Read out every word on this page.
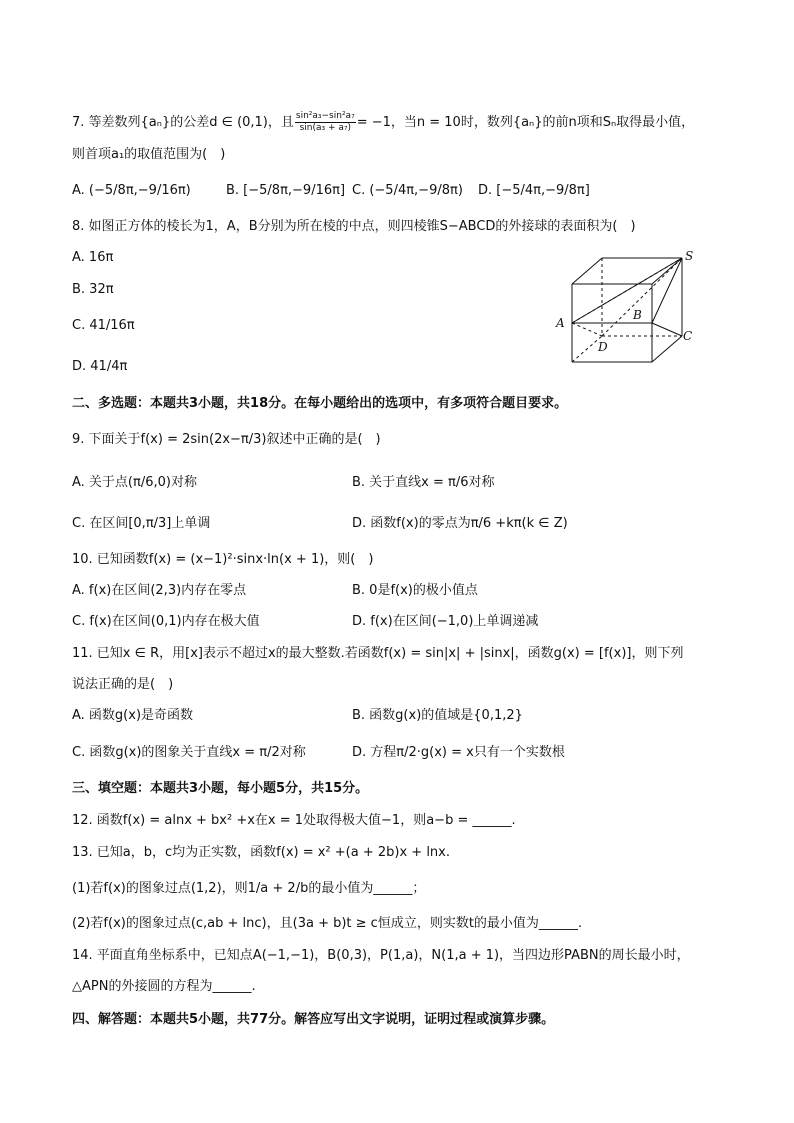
7. 等差数列{aₙ}的公差d ∈ (0,1)，且 $\frac{\text{sin²a₃−sin²a₇}}{\text{sin(a₃ + a₇)}} = -1$，当n = 10时，数列{aₙ}的前n项和Sₙ取得最小值，
则首项a₁的取值范围为(　)
A. (−5/8π,−9/16π)	B. [−5/8π,−9/16π] C. (−5/4π,−9/8π) D. [−5/4π,−9/8π]
8. 如图正方体的棱长为1，A，B分别为所在棱的中点，则四棱锥S−ABCD的外接球的表面积为(　)
A. 16π
B. 32π
C. 41/16π
D. 41/4π
S
A
B
C
D
二、多选题：本题共3小题，共18分。在每小题给出的选项中，有多项符合题目要求。
9. 下面关于f(x) = 2sin(2x−π/3)叙述中正确的是(　)
A. 关于点(π/6,0)对称	B. 关于直线x = π/6对称
C. 在区间[0,π/3]上单调	D. 函数f(x)的零点为π/6 +kπ(k ∈ Z)
10. 已知函数f(x) = (x−1)²·sinx·ln(x + 1)，则(　)
A. f(x)在区间(2,3)内存在零点	B. 0是f(x)的极小值点
C. f(x)在区间(0,1)内存在极大值	D. f(x)在区间(−1,0)上单调递减
11. 已知x ∈ R，用[x]表示不超过x的最大整数.若函数f(x) = sin|x| + |sinx|，函数g(x) = [f(x)]，则下列
说法正确的是(　)
A. 函数g(x)是奇函数	B. 函数g(x)的值域是{0,1,2}
C. 函数g(x)的图象关于直线x = π/2对称	D. 方程π/2·g(x) = x只有一个实数根
三、填空题：本题共3小题，每小题5分，共15分。
12. 函数f(x) = alnx + bx² +x在x = 1处取得极大值−1，则a−b = ______.
13. 已知a，b，c均为正实数，函数f(x) = x² +(a + 2b)x + lnx.
(1)若f(x)的图象过点(1,2)，则1/a + 2/b的最小值为______；
(2)若f(x)的图象过点(c,ab + lnc)，且(3a + b)t ≥ c恒成立，则实数t的最小值为______.
14. 平面直角坐标系中，已知点A(−1,−1)，B(0,3)，P(1,a)，N(1,a + 1)，当四边形PABN的周长最小时，
△APN的外接圆的方程为______.
四、解答题：本题共5小题，共77分。解答应写出文字说明，证明过程或演算步骤。
